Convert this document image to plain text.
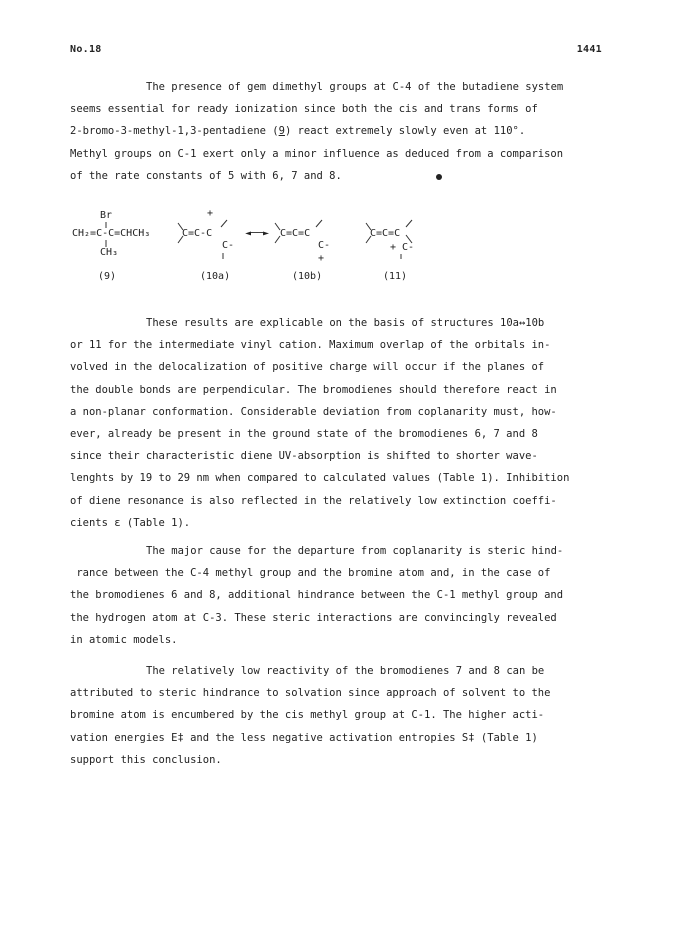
No.18	1441
The presence of gem dimethyl groups at C-4 of the butadiene system
seems essential for ready ionization since both the cis and trans forms of
2-bromo-3-methyl-1,3-pentadiene (9) react extremely slowly even at 110°.
Methyl groups on C-1 exert only a minor influence as deduced from a comparison
of the rate constants of 5 with 6, 7 and 8.
Br
CH₂=C-C=CHCH₃
CH₃
(9)
+
C=C-C
C-
(10a)
◄──► C=C=C
C-
+
(10b)
C=C=C
+ C-
(11)
These results are explicable on the basis of structures 10a↔10b
or 11 for the intermediate vinyl cation. Maximum overlap of the orbitals in-
volved in the delocalization of positive charge will occur if the planes of
the double bonds are perpendicular. The bromodienes should therefore react in
a non-planar conformation. Considerable deviation from coplanarity must, how-
ever, already be present in the ground state of the bromodienes 6, 7 and 8
since their characteristic diene UV-absorption is shifted to shorter wave-
lenghts by 19 to 29 nm when compared to calculated values (Table 1). Inhibition
of diene resonance is also reflected in the relatively low extinction coeffi-
cients ε (Table 1).
The major cause for the departure from coplanarity is steric hind-
rance between the C-4 methyl group and the bromine atom and, in the case of
the bromodienes 6 and 8, additional hindrance between the C-1 methyl group and
the hydrogen atom at C-3. These steric interactions are convincingly revealed
in atomic models.
The relatively low reactivity of the bromodienes 7 and 8 can be
attributed to steric hindrance to solvation since approach of solvent to the
bromine atom is encumbered by the cis methyl group at C-1. The higher acti-
vation energies E‡ and the less negative activation entropies S‡ (Table 1)
support this conclusion.
